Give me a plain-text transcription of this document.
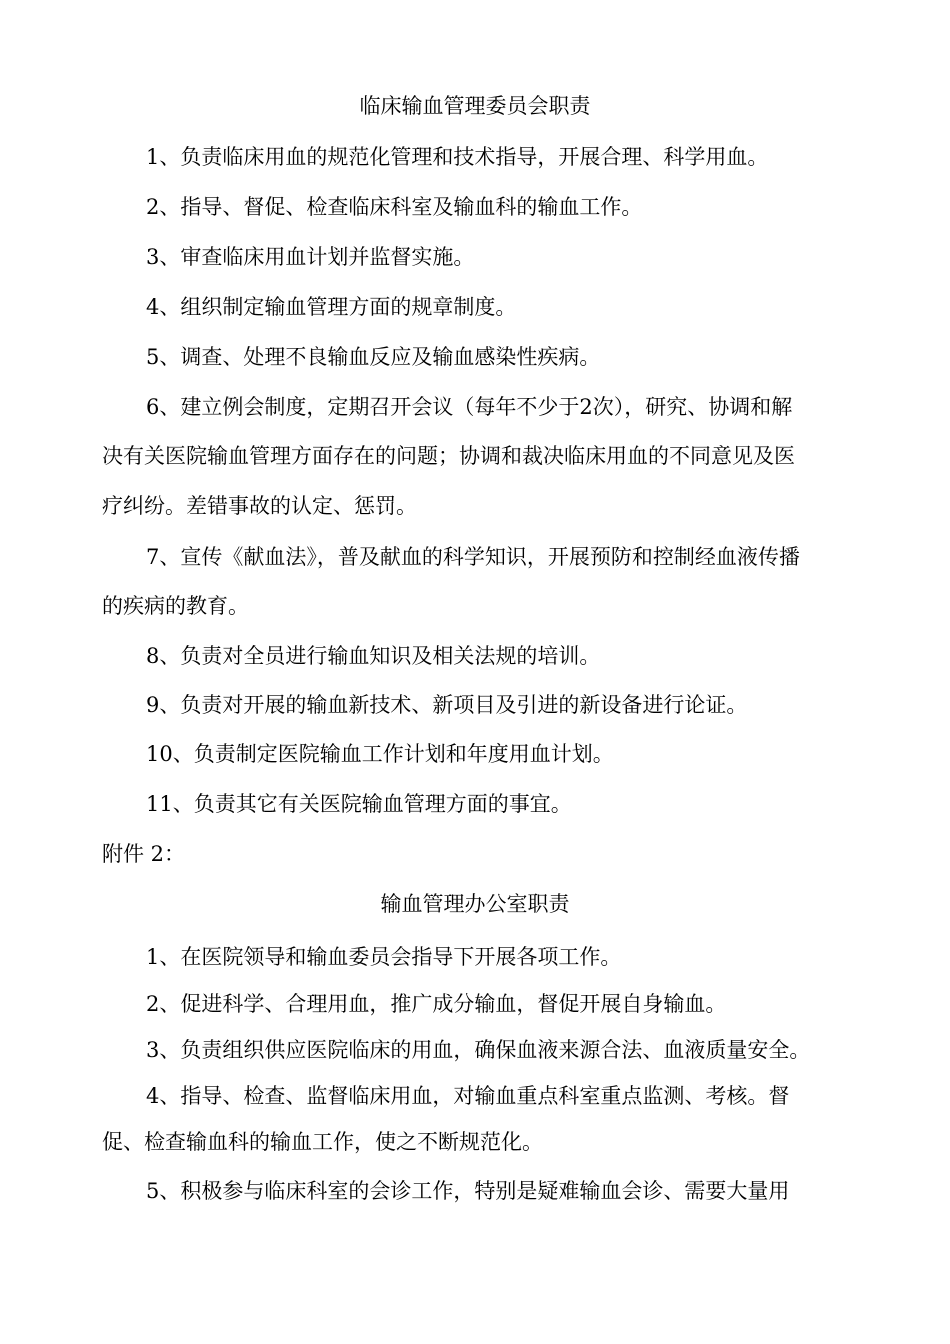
临床输血管理委员会职责
1、负责临床用血的规范化管理和技术指导，开展合理、科学用血。
2、指导、督促、检查临床科室及输血科的输血工作。
3、审查临床用血计划并监督实施。
4、组织制定输血管理方面的规章制度。
5、调查、处理不良输血反应及输血感染性疾病。
6、建立例会制度，定期召开会议（每年不少于2次），研究、协调和解
决有关医院输血管理方面存在的问题；协调和裁决临床用血的不同意见及医
疗纠纷。差错事故的认定、惩罚。
7、宣传《献血法》，普及献血的科学知识，开展预防和控制经血液传播
的疾病的教育。
8、负责对全员进行输血知识及相关法规的培训。
9、负责对开展的输血新技术、新项目及引进的新设备进行论证。
10、负责制定医院输血工作计划和年度用血计划。
11、负责其它有关医院输血管理方面的事宜。
附件 2：
输血管理办公室职责
1、在医院领导和输血委员会指导下开展各项工作。
2、促进科学、合理用血，推广成分输血，督促开展自身输血。
3、负责组织供应医院临床的用血，确保血液来源合法、血液质量安全。
4、指导、检查、监督临床用血，对输血重点科室重点监测、考核。督
促、检查输血科的输血工作，使之不断规范化。
5、积极参与临床科室的会诊工作，特别是疑难输血会诊、需要大量用
